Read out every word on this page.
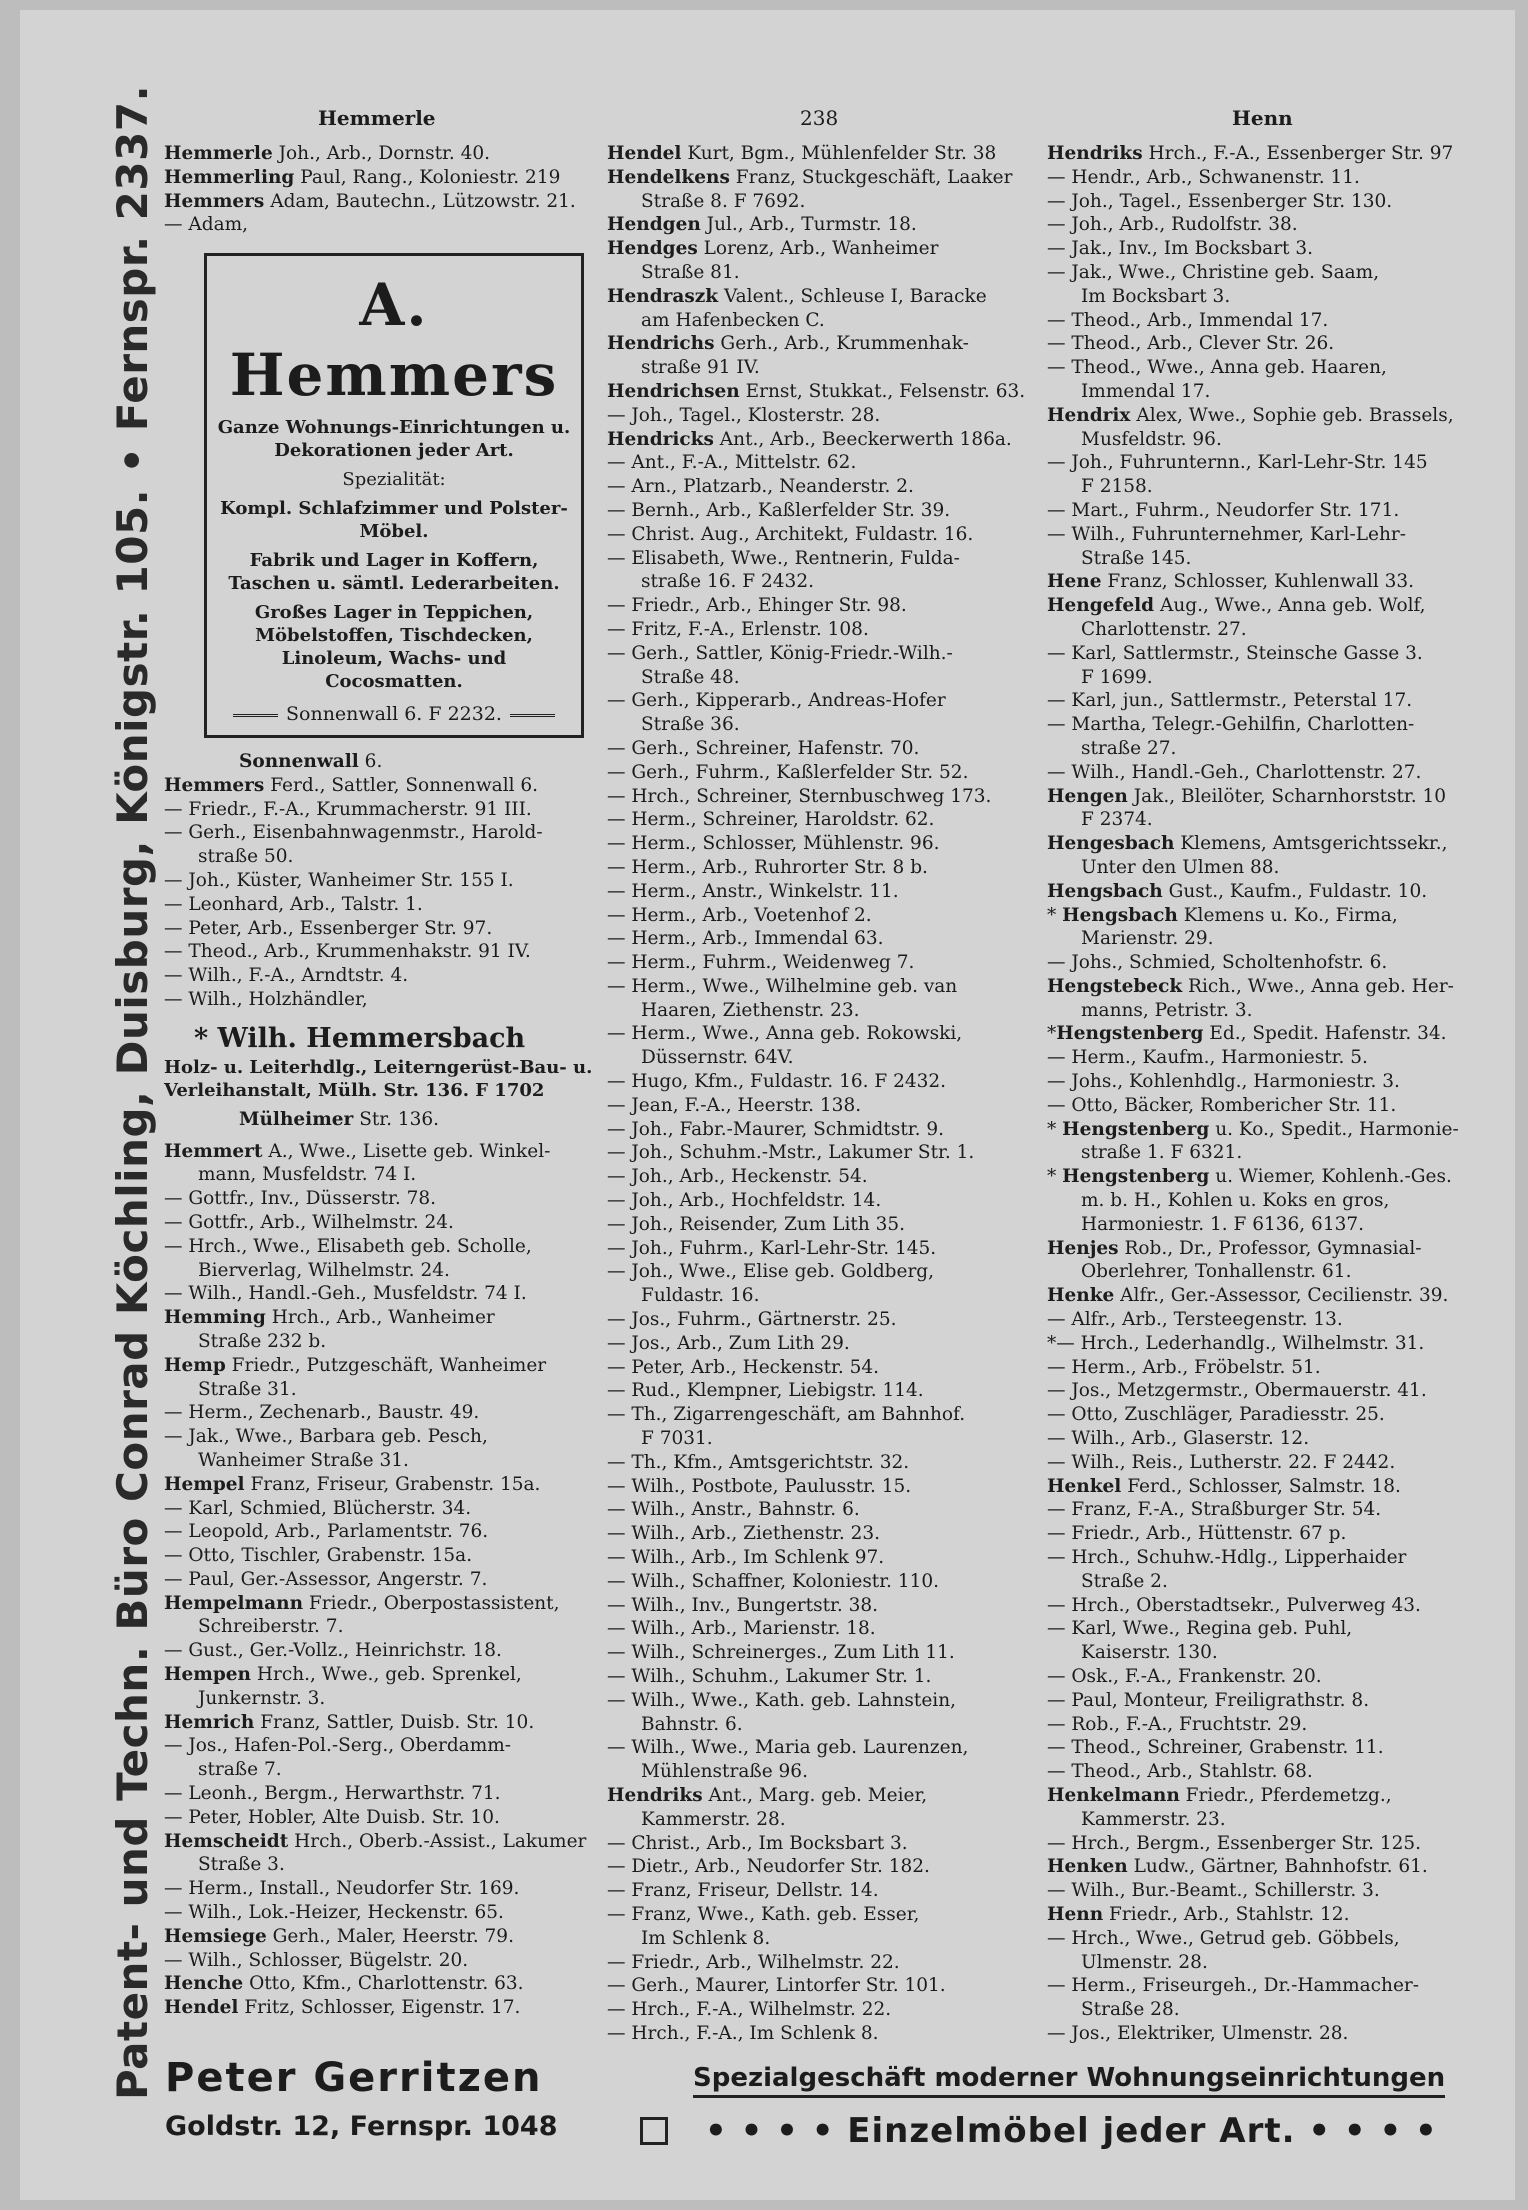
Patent- und Techn. Büro Conrad Köchling, Duisburg, Königstr. 105. • Fernspr. 2337.	Hemmerle	238	Henn
Hemmerle Joh., Arb., Dornstr. 40.
Hemmerling Paul, Rang., Koloniestr. 219
Hemmers Adam, Bautechn., Lützowstr. 21.
— Adam,
A. Hemmers
Ganze Wohnungs-Einrichtungen u. Dekorationen jeder Art.
Spezialität:
Kompl. Schlafzimmer und Polster-Möbel.
Fabrik und Lager in Koffern, Taschen u. sämtl. Lederarbeiten.
Großes Lager in Teppichen, Möbelstoffen, Tischdecken, Linoleum, Wachs- und Cocosmatten.
Sonnenwall 6. F 2232.
Sonnenwall 6.
Hemmers Ferd., Sattler, Sonnenwall 6.
— Friedr., F.-A., Krummacherstr. 91 III.
— Gerh., Eisenbahnwagenmstr., Harold-
straße 50.
— Joh., Küster, Wanheimer Str. 155 I.
— Leonhard, Arb., Talstr. 1.
— Peter, Arb., Essenberger Str. 97.
— Theod., Arb., Krummenhakstr. 91 IV.
— Wilh., F.-A., Arndtstr. 4.
— Wilh., Holzhändler,
* Wilh. Hemmersbach
Holz- u. Leiterhdlg., Leiterngerüst-Bau- u. Verleihanstalt, Mülh. Str. 136. F 1702
Mülheimer Str. 136.
Hemmert A., Wwe., Lisette geb. Winkel-
mann, Musfeldstr. 74 I.
— Gottfr., Inv., Düsserstr. 78.
— Gottfr., Arb., Wilhelmstr. 24.
— Hrch., Wwe., Elisabeth geb. Scholle,
Bierverlag, Wilhelmstr. 24.
— Wilh., Handl.-Geh., Musfeldstr. 74 I.
Hemming Hrch., Arb., Wanheimer
Straße 232 b.
Hemp Friedr., Putzgeschäft, Wanheimer
Straße 31.
— Herm., Zechenarb., Baustr. 49.
— Jak., Wwe., Barbara geb. Pesch,
Wanheimer Straße 31.
Hempel Franz, Friseur, Grabenstr. 15a.
— Karl, Schmied, Blücherstr. 34.
— Leopold, Arb., Parlamentstr. 76.
— Otto, Tischler, Grabenstr. 15a.
— Paul, Ger.-Assessor, Angerstr. 7.
Hempelmann Friedr., Oberpostassistent,
Schreiberstr. 7.
— Gust., Ger.-Vollz., Heinrichstr. 18.
Hempen Hrch., Wwe., geb. Sprenkel,
Junkernstr. 3.
Hemrich Franz, Sattler, Duisb. Str. 10.
— Jos., Hafen-Pol.-Serg., Oberdamm-
straße 7.
— Leonh., Bergm., Herwarthstr. 71.
— Peter, Hobler, Alte Duisb. Str. 10.
Hemscheidt Hrch., Oberb.-Assist., Lakumer
Straße 3.
— Herm., Install., Neudorfer Str. 169.
— Wilh., Lok.-Heizer, Heckenstr. 65.
Hemsiege Gerh., Maler, Heerstr. 79.
— Wilh., Schlosser, Bügelstr. 20.
Henche Otto, Kfm., Charlottenstr. 63.
Hendel Fritz, Schlosser, Eigenstr. 17.
Hendel Kurt, Bgm., Mühlenfelder Str. 38
Hendelkens Franz, Stuckgeschäft, Laaker
Straße 8. F 7692.
Hendgen Jul., Arb., Turmstr. 18.
Hendges Lorenz, Arb., Wanheimer
Straße 81.
Hendraszk Valent., Schleuse I, Baracke
am Hafenbecken C.
Hendrichs Gerh., Arb., Krummenhak-
straße 91 IV.
Hendrichsen Ernst, Stukkat., Felsenstr. 63.
— Joh., Tagel., Klosterstr. 28.
Hendricks Ant., Arb., Beeckerwerth 186a.
— Ant., F.-A., Mittelstr. 62.
— Arn., Platzarb., Neanderstr. 2.
— Bernh., Arb., Kaßlerfelder Str. 39.
— Christ. Aug., Architekt, Fuldastr. 16.
— Elisabeth, Wwe., Rentnerin, Fulda-
straße 16. F 2432.
— Friedr., Arb., Ehinger Str. 98.
— Fritz, F.-A., Erlenstr. 108.
— Gerh., Sattler, König-Friedr.-Wilh.-
Straße 48.
— Gerh., Kipperarb., Andreas-Hofer
Straße 36.
— Gerh., Schreiner, Hafenstr. 70.
— Gerh., Fuhrm., Kaßlerfelder Str. 52.
— Hrch., Schreiner, Sternbuschweg 173.
— Herm., Schreiner, Haroldstr. 62.
— Herm., Schlosser, Mühlenstr. 96.
— Herm., Arb., Ruhrorter Str. 8 b.
— Herm., Anstr., Winkelstr. 11.
— Herm., Arb., Voetenhof 2.
— Herm., Arb., Immendal 63.
— Herm., Fuhrm., Weidenweg 7.
— Herm., Wwe., Wilhelmine geb. van
Haaren, Ziethenstr. 23.
— Herm., Wwe., Anna geb. Rokowski,
Düssernstr. 64V.
— Hugo, Kfm., Fuldastr. 16. F 2432.
— Jean, F.-A., Heerstr. 138.
— Joh., Fabr.-Maurer, Schmidtstr. 9.
— Joh., Schuhm.-Mstr., Lakumer Str. 1.
— Joh., Arb., Heckenstr. 54.
— Joh., Arb., Hochfeldstr. 14.
— Joh., Reisender, Zum Lith 35.
— Joh., Fuhrm., Karl-Lehr-Str. 145.
— Joh., Wwe., Elise geb. Goldberg,
Fuldastr. 16.
— Jos., Fuhrm., Gärtnerstr. 25.
— Jos., Arb., Zum Lith 29.
— Peter, Arb., Heckenstr. 54.
— Rud., Klempner, Liebigstr. 114.
— Th., Zigarrengeschäft, am Bahnhof.
F 7031.
— Th., Kfm., Amtsgerichtstr. 32.
— Wilh., Postbote, Paulusstr. 15.
— Wilh., Anstr., Bahnstr. 6.
— Wilh., Arb., Ziethenstr. 23.
— Wilh., Arb., Im Schlenk 97.
— Wilh., Schaffner, Koloniestr. 110.
— Wilh., Inv., Bungertstr. 38.
— Wilh., Arb., Marienstr. 18.
— Wilh., Schreinerges., Zum Lith 11.
— Wilh., Schuhm., Lakumer Str. 1.
— Wilh., Wwe., Kath. geb. Lahnstein,
Bahnstr. 6.
— Wilh., Wwe., Maria geb. Laurenzen,
Mühlenstraße 96.
Hendriks Ant., Marg. geb. Meier,
Kammerstr. 28.
— Christ., Arb., Im Bocksbart 3.
— Dietr., Arb., Neudorfer Str. 182.
— Franz, Friseur, Dellstr. 14.
— Franz, Wwe., Kath. geb. Esser,
Im Schlenk 8.
— Friedr., Arb., Wilhelmstr. 22.
— Gerh., Maurer, Lintorfer Str. 101.
— Hrch., F.-A., Wilhelmstr. 22.
— Hrch., F.-A., Im Schlenk 8.
Hendriks Hrch., F.-A., Essenberger Str. 97
— Hendr., Arb., Schwanenstr. 11.
— Joh., Tagel., Essenberger Str. 130.
— Joh., Arb., Rudolfstr. 38.
— Jak., Inv., Im Bocksbart 3.
— Jak., Wwe., Christine geb. Saam,
Im Bocksbart 3.
— Theod., Arb., Immendal 17.
— Theod., Arb., Clever Str. 26.
— Theod., Wwe., Anna geb. Haaren,
Immendal 17.
Hendrix Alex, Wwe., Sophie geb. Brassels,
Musfeldstr. 96.
— Joh., Fuhrunternn., Karl-Lehr-Str. 145
F 2158.
— Mart., Fuhrm., Neudorfer Str. 171.
— Wilh., Fuhrunternehmer, Karl-Lehr-
Straße 145.
Hene Franz, Schlosser, Kuhlenwall 33.
Hengefeld Aug., Wwe., Anna geb. Wolf,
Charlottenstr. 27.
— Karl, Sattlermstr., Steinsche Gasse 3.
F 1699.
— Karl, jun., Sattlermstr., Peterstal 17.
— Martha, Telegr.-Gehilfin, Charlotten-
straße 27.
— Wilh., Handl.-Geh., Charlottenstr. 27.
Hengen Jak., Bleilöter, Scharnhorststr. 10
F 2374.
Hengesbach Klemens, Amtsgerichtssekr.,
Unter den Ulmen 88.
Hengsbach Gust., Kaufm., Fuldastr. 10.
* Hengsbach Klemens u. Ko., Firma,
Marienstr. 29.
— Johs., Schmied, Scholtenhofstr. 6.
Hengstebeck Rich., Wwe., Anna geb. Her-
manns, Petristr. 3.
*Hengstenberg Ed., Spedit. Hafenstr. 34.
— Herm., Kaufm., Harmoniestr. 5.
— Johs., Kohlenhdlg., Harmoniestr. 3.
— Otto, Bäcker, Rombericher Str. 11.
* Hengstenberg u. Ko., Spedit., Harmonie-
straße 1. F 6321.
* Hengstenberg u. Wiemer, Kohlenh.-Ges.
m. b. H., Kohlen u. Koks en gros,
Harmoniestr. 1. F 6136, 6137.
Henjes Rob., Dr., Professor, Gymnasial-
Oberlehrer, Tonhallenstr. 61.
Henke Alfr., Ger.-Assessor, Cecilienstr. 39.
— Alfr., Arb., Tersteegenstr. 13.
*— Hrch., Lederhandlg., Wilhelmstr. 31.
— Herm., Arb., Fröbelstr. 51.
— Jos., Metzgermstr., Obermauerstr. 41.
— Otto, Zuschläger, Paradiesstr. 25.
— Wilh., Arb., Glaserstr. 12.
— Wilh., Reis., Lutherstr. 22. F 2442.
Henkel Ferd., Schlosser, Salmstr. 18.
— Franz, F.-A., Straßburger Str. 54.
— Friedr., Arb., Hüttenstr. 67 p.
— Hrch., Schuhw.-Hdlg., Lipperhaider
Straße 2.
— Hrch., Oberstadtsekr., Pulverweg 43.
— Karl, Wwe., Regina geb. Puhl,
Kaiserstr. 130.
— Osk., F.-A., Frankenstr. 20.
— Paul, Monteur, Freiligrathstr. 8.
— Rob., F.-A., Fruchtstr. 29.
— Theod., Schreiner, Grabenstr. 11.
— Theod., Arb., Stahlstr. 68.
Henkelmann Friedr., Pferdemetzg.,
Kammerstr. 23.
— Hrch., Bergm., Essenberger Str. 125.
Henken Ludw., Gärtner, Bahnhofstr. 61.
— Wilh., Bur.-Beamt., Schillerstr. 3.
Henn Friedr., Arb., Stahlstr. 12.
— Hrch., Wwe., Getrud geb. Göbbels,
Ulmenstr. 28.
— Herm., Friseurgeh., Dr.-Hammacher-
Straße 28.
— Jos., Elektriker, Ulmenstr. 28.
Peter Gerritzen
Goldstr. 12, Fernspr. 1048
Spezialgeschäft moderner Wohnungseinrichtungen
• • • • Einzelmöbel jeder Art. • • • •
